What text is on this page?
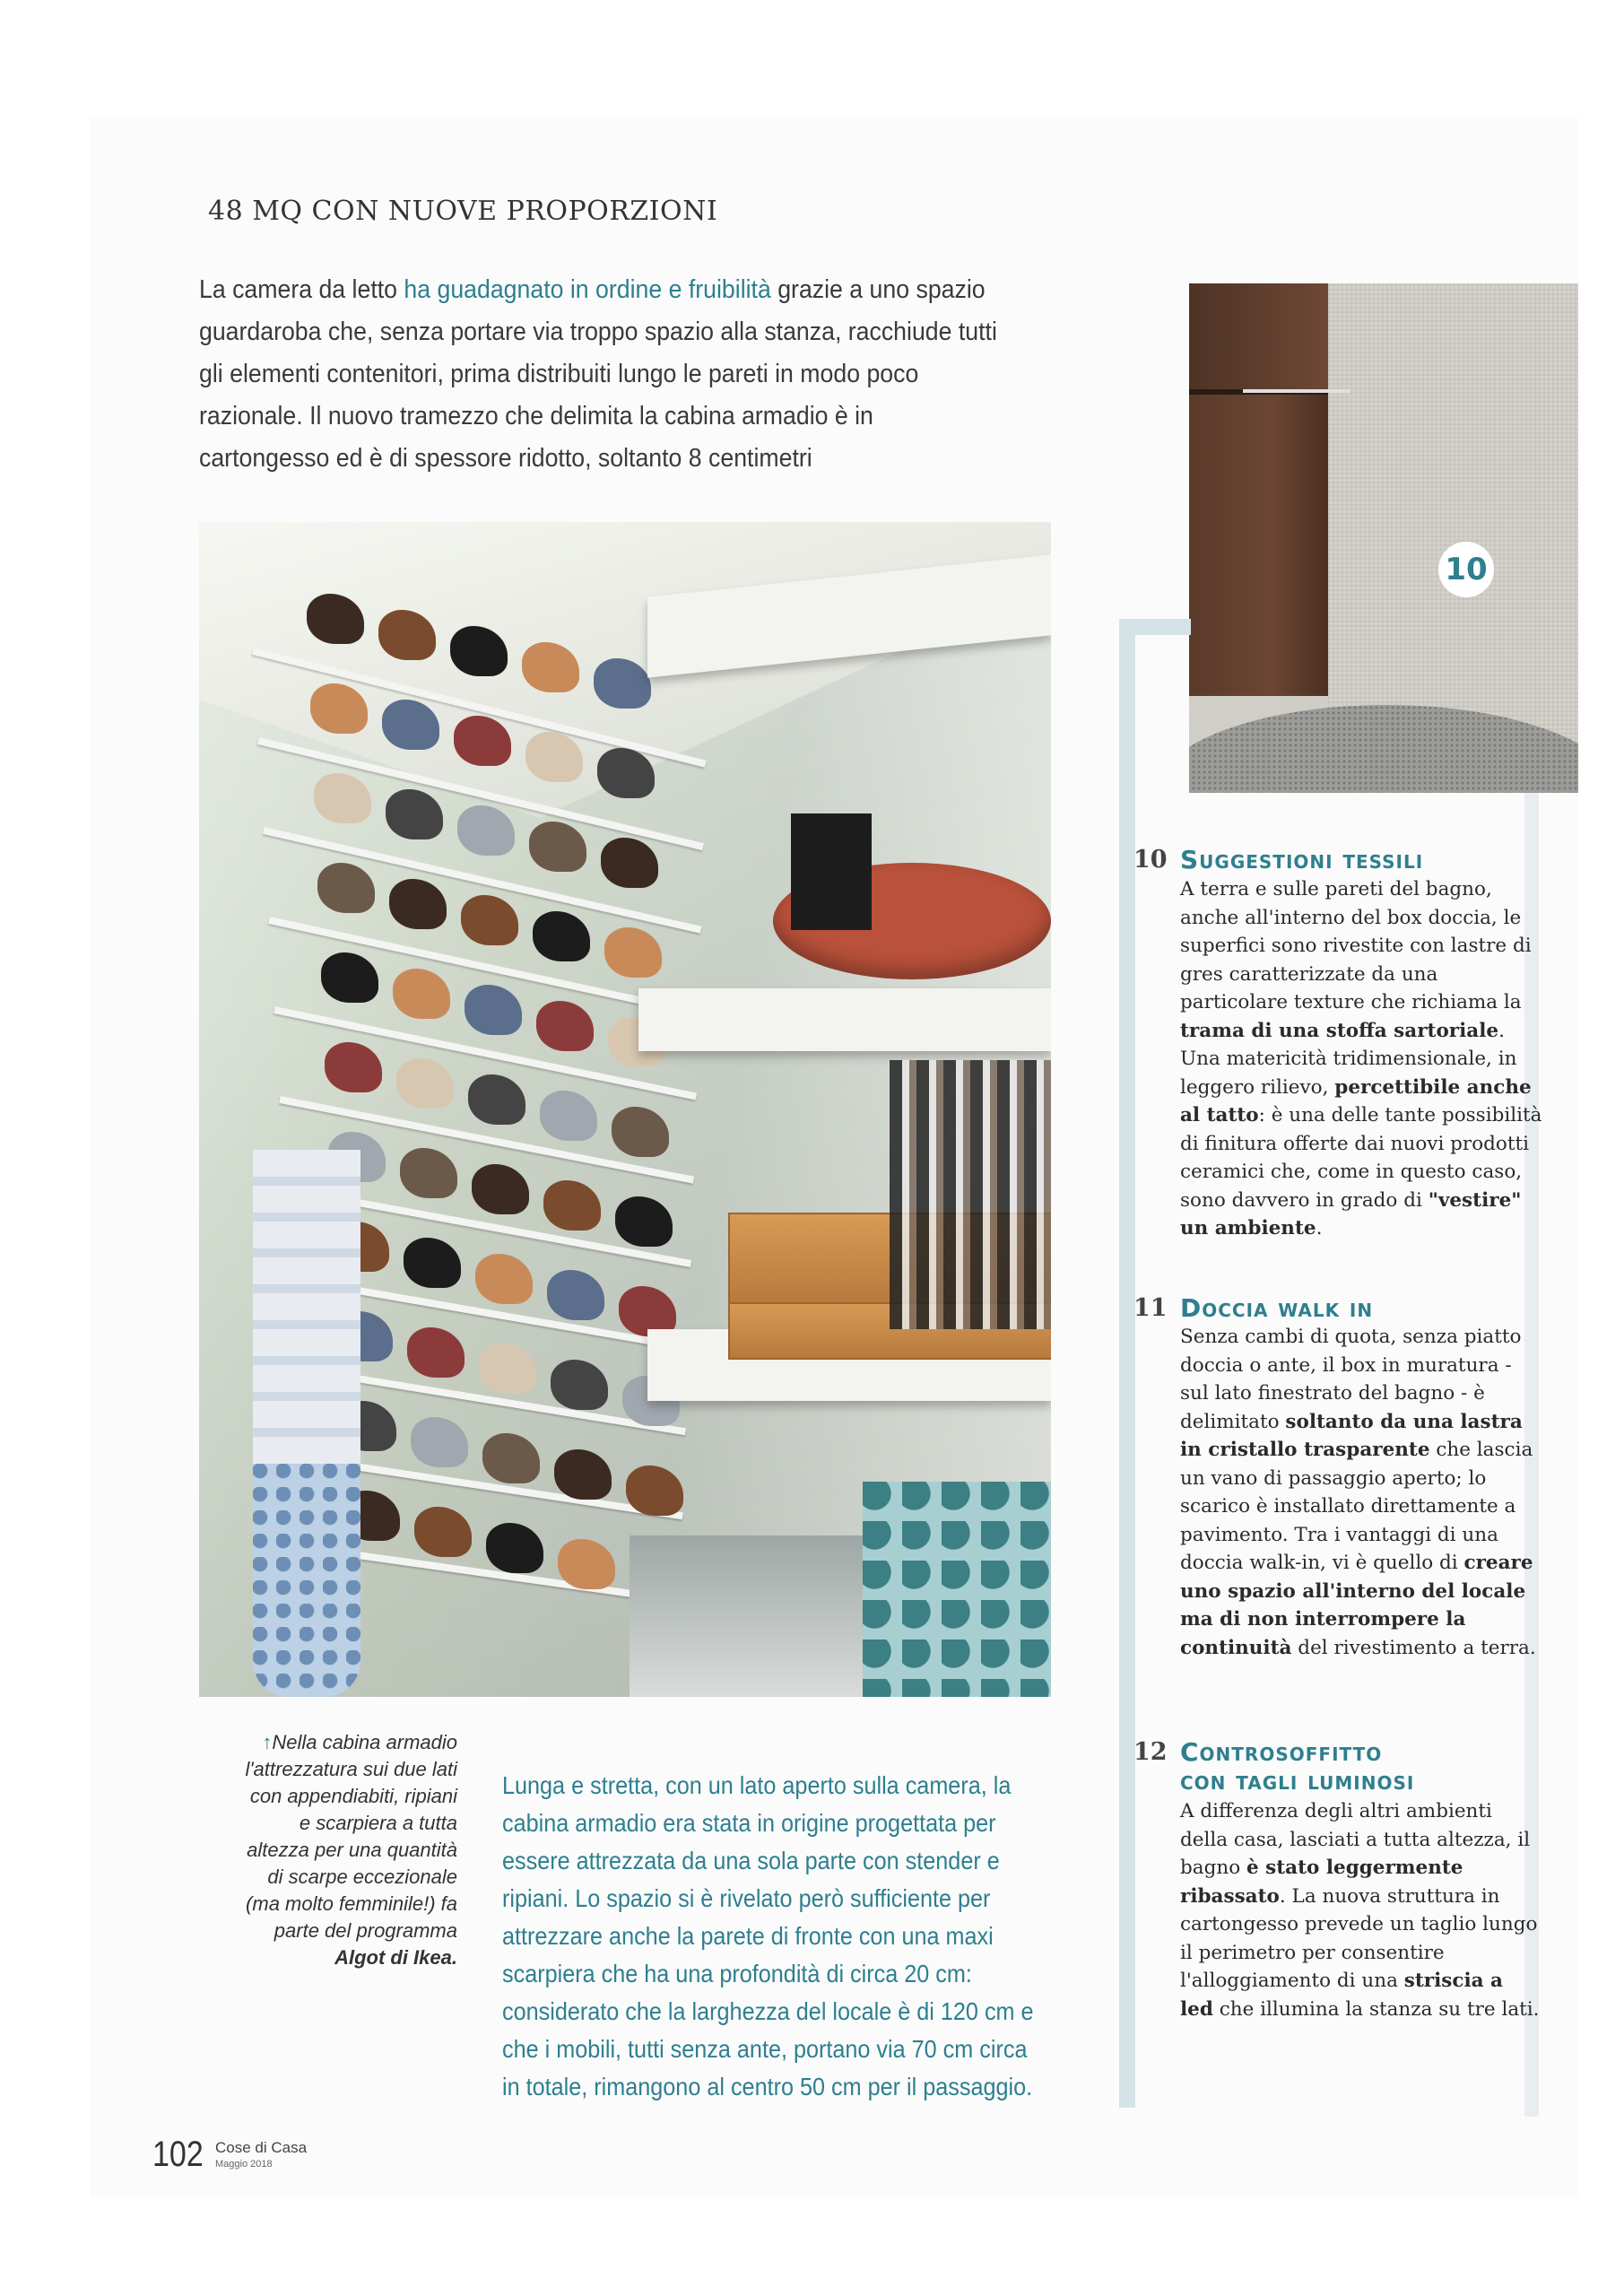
48 MQ CON NUOVE PROPORZIONI

La camera da letto ha guadagnato in ordine e fruibilità grazie a uno spazio guardaroba che, senza portare via troppo spazio alla stanza, racchiude tutti gli elementi contenitori, prima distribuiti lungo le pareti in modo poco razionale. Il nuovo tramezzo che delimita la cabina armadio è in cartongesso ed è di spessore ridotto, soltanto 8 centimetri

10
10 Suggestioni tessili
A terra e sulle pareti del bagno, anche all'interno del box doccia, le superfici sono rivestite con lastre di gres caratterizzate da una particolare texture che richiama la trama di una stoffa sartoriale. Una matericità tridimensionale, in leggero rilievo, percettibile anche al tatto: è una delle tante possibilità di finitura offerte dai nuovi prodotti ceramici che, come in questo caso, sono davvero in grado di "vestire" un ambiente.
11 Doccia walk in
Senza cambi di quota, senza piatto doccia o ante, il box in muratura - sul lato finestrato del bagno - è delimitato soltanto da una lastra in cristallo trasparente che lascia un vano di passaggio aperto; lo scarico è installato direttamente a pavimento. Tra i vantaggi di una doccia walk-in, vi è quello di creare uno spazio all'interno del locale ma di non interrompere la continuità del rivestimento a terra.
12 Controsoffitto
con tagli luminosi
A differenza degli altri ambienti della casa, lasciati a tutta altezza, il bagno è stato leggermente ribassato. La nuova struttura in cartongesso prevede un taglio lungo il perimetro per consentire l'alloggiamento di una striscia a led che illumina la stanza su tre lati.
↑Nella cabina armadio l'attrezzatura sui due lati con appendiabiti, ripiani e scarpiera a tutta altezza per una quantità di scarpe eccezionale (ma molto femminile!) fa parte del programma Algot di Ikea.

Lunga e stretta, con un lato aperto sulla camera, la cabina armadio era stata in origine progettata per essere attrezzata da una sola parte con stender e ripiani. Lo spazio si è rivelato però sufficiente per attrezzare anche la parete di fronte con una maxi scarpiera che ha una profondità di circa 20 cm: considerato che la larghezza del locale è di 120 cm e che i mobili, tutti senza ante, portano via 70 cm circa in totale, rimangono al centro 50 cm per il passaggio.

102 Cose di Casa
Maggio 2018
